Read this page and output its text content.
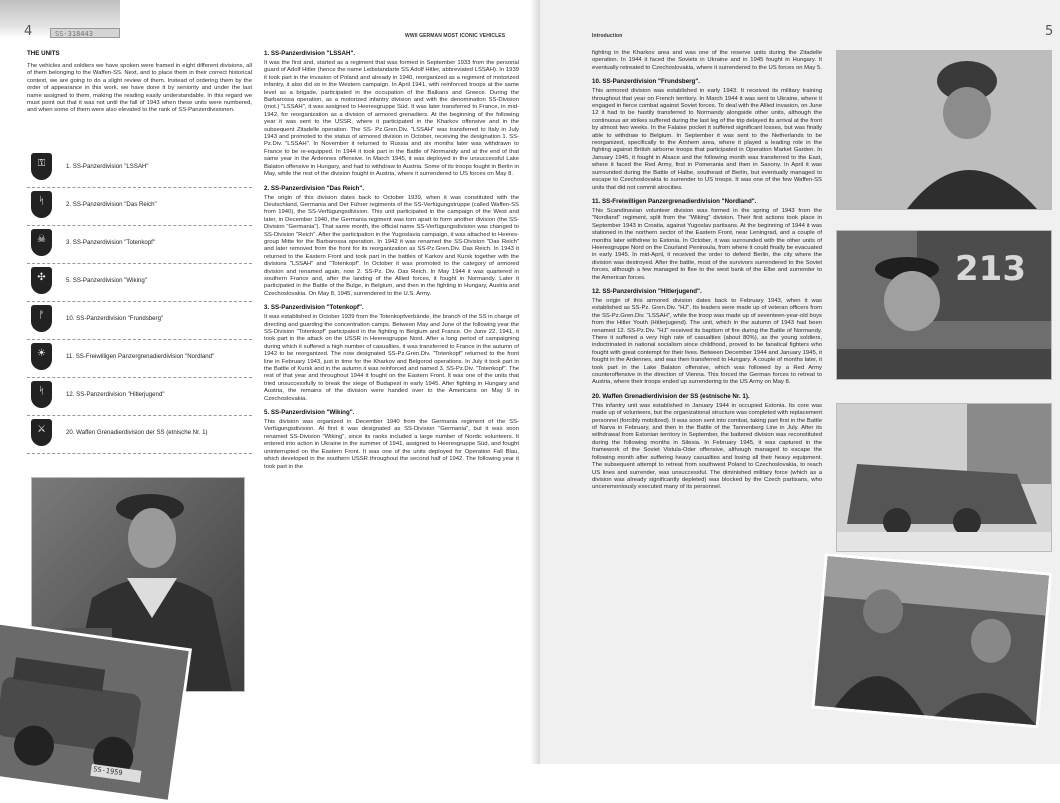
SS-318443
4	WWII GERMAN MOST ICONIC VEHICLES
THE UNITS

The vehicles and soldiers we have spoken were framed in eight different divisions, all of them belonging to the Waffen-SS. Next, and to place them in their correct historical context, we are going to do a slight review of them. Instead of ordering them by the order of appearance in this work, we have done it by seniority and under the last name assigned to them, making the reading easily understandable. In this regard we must point out that it was not until the fall of 1943 when these units were numbered, and when some of them were also elevated to the rank of SS-Panzerdivisionen.

⚿	1. SS-Panzerdivision "LSSAH"
ᛋ	2. SS-Panzerdivision "Das Reich"
☠	3. SS-Panzerdivision "Totenkopf"
✣	5. SS-Panzerdivision "Wiking"
ᚠ	10. SS-Panzerdivision "Frundsberg"
☀	11. SS-Freiwilligen Panzergrenadierdivision "Nordland"
ᛋ	12. SS-Panzerdivision "Hitlerjugend"
⚔	20. Waffen Grenadierdivision der SS (etnische Nr. 1)
SS-1959
1. SS-Panzerdivision "LSSAH".

It was the first and, started as a regiment that was formed in September 1933 from the personal guard of Adolf Hitler (hence the name Leibstandarte SS Adolf Hitler, abbreviated LSSAH). In 1939 it took part in the invasion of Poland and already in 1940, reorganized as a regiment of motorized infantry, it also did so in the Western campaign. In April 1941, with reinforced troops at the same level as a brigade, participated in the occupation of the Balkans and Greece. During the Barbarossa operation, as a motorized infantry division and with the denomination SS-Division (mot.) "LSSAH", it was assigned to Heeresgruppe Süd. It was later transferred to France, in mid-1942, for reorganization as a division of armored grenadiers. At the beginning of the following year it was sent to the USSR, where it participated in the Kharkov offensive and in the subsequent Zitadelle operation. The SS- Pz.Gren.Div. "LSSAH" was transferred to Italy in July 1943 and promoted to the status of armored division in October, receiving the designation 1. SS-Pz.Div. "LSSAH". In November it returned to Russia and six months later was withdrawn to France to be re-equipped. In 1944 it took part in the Battle of Normandy and at the end of that same year in the Ardennes offensive. In March 1945, it was deployed in the unsuccessful Lake Balaton offensive in Hungary, and had to withdraw to Austria. Some of its troops fought in Berlin in May, while the rest of the division fought in Austria, where it surrendered to US forces on May 8.

2. SS-Panzerdivision "Das Reich".

The origin of this division dates back to October 1939, when it was constituted with the Deutschland, Germania and Der Führer regiments of the SS-Verfügungstruppe (called Waffen-SS from 1940), the SS-Verfügungsdivision. This unit participated in the campaign of the West and later, in December 1940, the Germania regiment was torn apart to form another division (the SS-Division "Germania"). That same month, the official name SS-Verfügungsdivision was changed to SS-Division "Reich". After the participation in the Yugoslavia campaign, it was attached to Heeres-group Mitte for the Barbarossa operation. In 1942 it was renamed the SS-Division "Das Reich" and later removed from the front for its reorganization as SS-Pz.Gren.Div. Das Reich. In 1943 it returned to the Eastern Front and took part in the battles of Karkov and Kursk together with the divisions "LSSAH" and "Totenkopf". In October it was promoted to the category of armored division and renamed again, now 2. SS-Pz. Div. Das Reich. In May 1944 it was quartered in southern France and, after the landing of the Allied forces, it fought in Normandy. Later it participated in the Battle of the Bulge, in Belgium, and then in the fighting in Hungary, Austria and Czechoslovakia. On May 8, 1945, surrendered to the U.S. Army.

3. SS-Panzerdivision "Totenkopf".

It was established in October 1939 from the Totenkopfverbände, the branch of the SS in charge of directing and guarding the concentration camps. Between May and June of the following year the SS-Division "Totenkopf" participated in the fighting in Belgium and France. On June 22, 1941, it took part in the attack on the USSR in Heeresgruppe Nord. After a long period of campaigning during which it suffered a high number of casualties, it was transferred to France in the autumn of 1942 to be reorganized. The now designated SS-Pz.Gren.Div. "Totenkopf" returned to the front line in February 1943, just in time for the Kharkov and Belgorod operations. In July it took part in the Battle of Kursk and in the autumn it was reinforced and named 3. SS-Pz.Div. "Totenkopf". The rest of that year and throughout 1944 it fought on the Eastern Front. It was one of the units that tried unsuccessfully to break the siege of Budapest in early 1945. After fighting in Hungary and Austria, the remains of the division were handed over to the Americans on May 9 in Czechoslovakia.

5. SS-Panzerdivision "Wiking".

This division was organized in December 1940 from the Germania regiment of the SS-Verfügungsdivision. At first it was designated as SS-Division "Germania", but it was soon renamed SS-Division "Wiking", since its ranks included a large number of Nordic volunteers. It entered into action in Ukraine in the summer of 1941, assigned to Heeresgruppe Süd, and fought uninterrupted on the Eastern Front. It was one of the units deployed for Operation Fall Blau, which developed in the southern USSR throughout the second half of 1942. The following year it took part in the

Introduction	5

fighting in the Kharkov area and was one of the reserve units during the Zitadelle operation. In 1944 it faced the Soviets in Ukraine and in 1945 fought in Hungary. It eventually retreated to Czechoslovakia, where it surrendered to the US forces on May 5.

10. SS-Panzerdivision "Frundsberg".

This armored division was established in early 1943. It received its military training throughout that year on French territory. In March 1944 it was sent to Ukraine, where it engaged in fierce combat against Soviet forces. To deal with the Allied invasion, on June 12 it had to be hastily transferred to Normandy alongside other units, although the continuous air strikes suffered during the last leg of the trip delayed its arrival at the front by almost two weeks. In the Falaise pocket it suffered significant losses, but was finally able to withdraw to Belgium. In September it was sent to the Netherlands to be reorganized, specifically to the Arnhem area, where it played a leading role in the fighting against British airborne troops that participated in Operation Market Garden. In January 1945, it fought in Alsace and the following month was transferred to the East, where it faced the Red Army, first in Pomerania and then in Saxony. In April it was surrounded during the Battle of Halbe, southeast of Berlin, but eventually managed to escape to Czechoslovakia to surrender to US troops. It was one of the few Waffen-SS units that did not commit atrocities.

11. SS-Freiwilligen Panzergrenadierdivision "Nordland".

This Scandinavian volunteer division was formed in the spring of 1943 from the "Nordland" regiment, split from the "Wiking" division. Their first actions took place in September 1943 in Croatia, against Yugoslav partisans. At the beginning of 1944 it was stationed in the northern sector of the Eastern Front, near Leningrad, and a couple of months later withdrew to Estonia. In October, it was surrounded with the other units of Heeresgruppe Nord on the Courland Peninsula, from where it could finally be evacuated in early 1945. In mid-April, it received the order to defend Berlin, the city where the division was destroyed. After the battle, most of the survivors surrendered to the Soviet forces, although a few managed to flee to the west bank of the Elbe and surrender to the American forces.

12. SS-Panzerdivision "Hitlerjugend".

The origin of this armored division dates back to February 1943, when it was established as SS-Pz. Gren.Div. "HJ". Its leaders were made up of veteran officers from the SS-Pz.Gren.Div. "LSSAH", while the troop was made up of seventeen-year-old boys from the Hitler Youth (Hitlerjugend). The unit, which in the autumn of 1943 had been renamed 12. SS-Pz.Div. "HJ" received its baptism of fire during the Battle of Normandy. There it suffered a very high rate of casualties (about 80%), as the young soldiers, indoctrinated in national socialism since childhood, proved to be fanatical fighters who fought with great contempt for their lives. Between December 1944 and January 1945, it fought in the Ardennes, and was then transferred to Hungary. A couple of months later, it took part in the Lake Balaton offensive, which was followed by a Red Army counteroffensive in the direction of Vienna. This forced the German forces to retreat to Austria, where their troops ended up surrendering to the US Army on May 8.

20. Waffen Grenadierdivision der SS (estnische Nr. 1).

This infantry unit was established in January 1944 in occupied Estonia. Its core was made up of volunteers, but the organizational structure was completed with replacement personnel (forcibly mobilized). It was soon sent into combat, taking part first in the Battle of Narva in February, and then in the Battle of the Tannenberg Line in July. After its withdrawal from Estonian territory in September, the battered division was reconstituted during the following months in Silesia. In February 1945, it was captured in the framework of the Soviet Vistula-Oder offensive, although managed to escape the following month after suffering heavy casualties and losing all their heavy equipment. The subsequent attempt to retreat from southwest Poland to Czechoslovakia, to reach US lines and surrender, was unsuccessful. The diminished military force (which as a division was already significantly depleted) was blocked by the Czech partisans, who unceremoniously executed many of its personnel.

213
